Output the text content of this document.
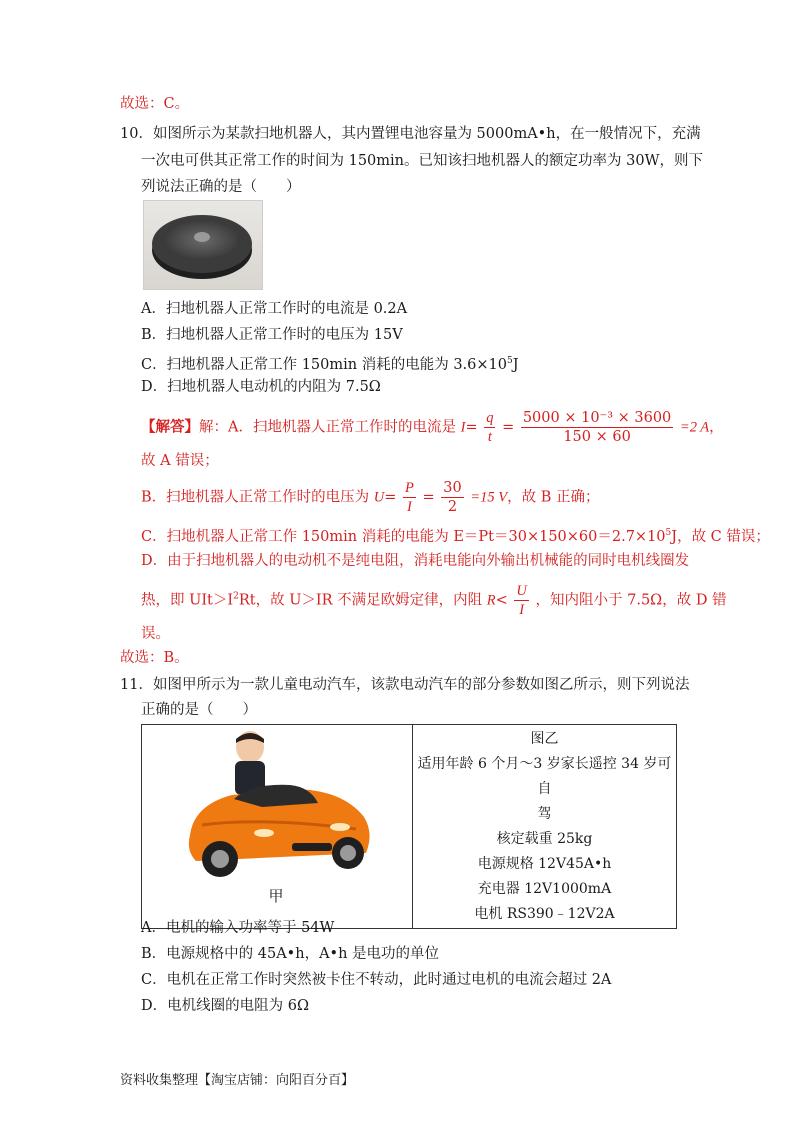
故选：C。
10．如图所示为某款扫地机器人，其内置锂电池容量为 5000mA•h，在一般情况下，充满
一次电可供其正常工作的时间为 150min。已知该扫地机器人的额定功率为 30W，则下
列说法正确的是（　　）
A．扫地机器人正常工作时的电流是 0.2A
B．扫地机器人正常工作时的电压为 15V
C．扫地机器人正常工作 150min 消耗的电能为 $3.6\times 10^5J$
D．扫地机器人电动机的内阻为 7.5Ω
【解答】解：A．扫地机器人正常工作时的电流是 $I= \frac{q}{t} = \frac{\text{5000 × 10⁻³ × 3600}}{150 \times 60} =2$ A，
故 A 错误；
B．扫地机器人正常工作时的电压为 $U= \frac{P}{I} = \frac{30}{2} =15$ V，故 B 正确；
C．扫地机器人正常工作 150min 消耗的电能为 $E=Pt=30\times 150\times 60=2.7\times 10^5J$，故 C 错误；
D．由于扫地机器人的电动机不是纯电阻，消耗电能向外输出机械能的同时电机线圈发
热，即 $UIt>I^2Rt$，故 U＞IR 不满足欧姆定律，内阻 $R< \frac{U}{I}$ ，知内阻小于 7.5Ω，故 D 错
误。
故选：B。
11．如图甲所示为一款儿童电动汽车，该款电动汽车的部分参数如图乙所示，则下列说法
正确的是（　　）
甲

图乙
适用年龄 6 个月～3 岁家长遥控 34 岁可自
驾
核定载重 25kg
电源规格 12V45A•h
充电器 12V1000mA
电机 RS390﹣12V2A
A．电机的输入功率等于 54W
B．电源规格中的 45A•h，A•h 是电功的单位
C．电机在正常工作时突然被卡住不转动，此时通过电机的电流会超过 2A
D．电机线圈的电阻为 6Ω
资料收集整理【淘宝店铺：向阳百分百】
